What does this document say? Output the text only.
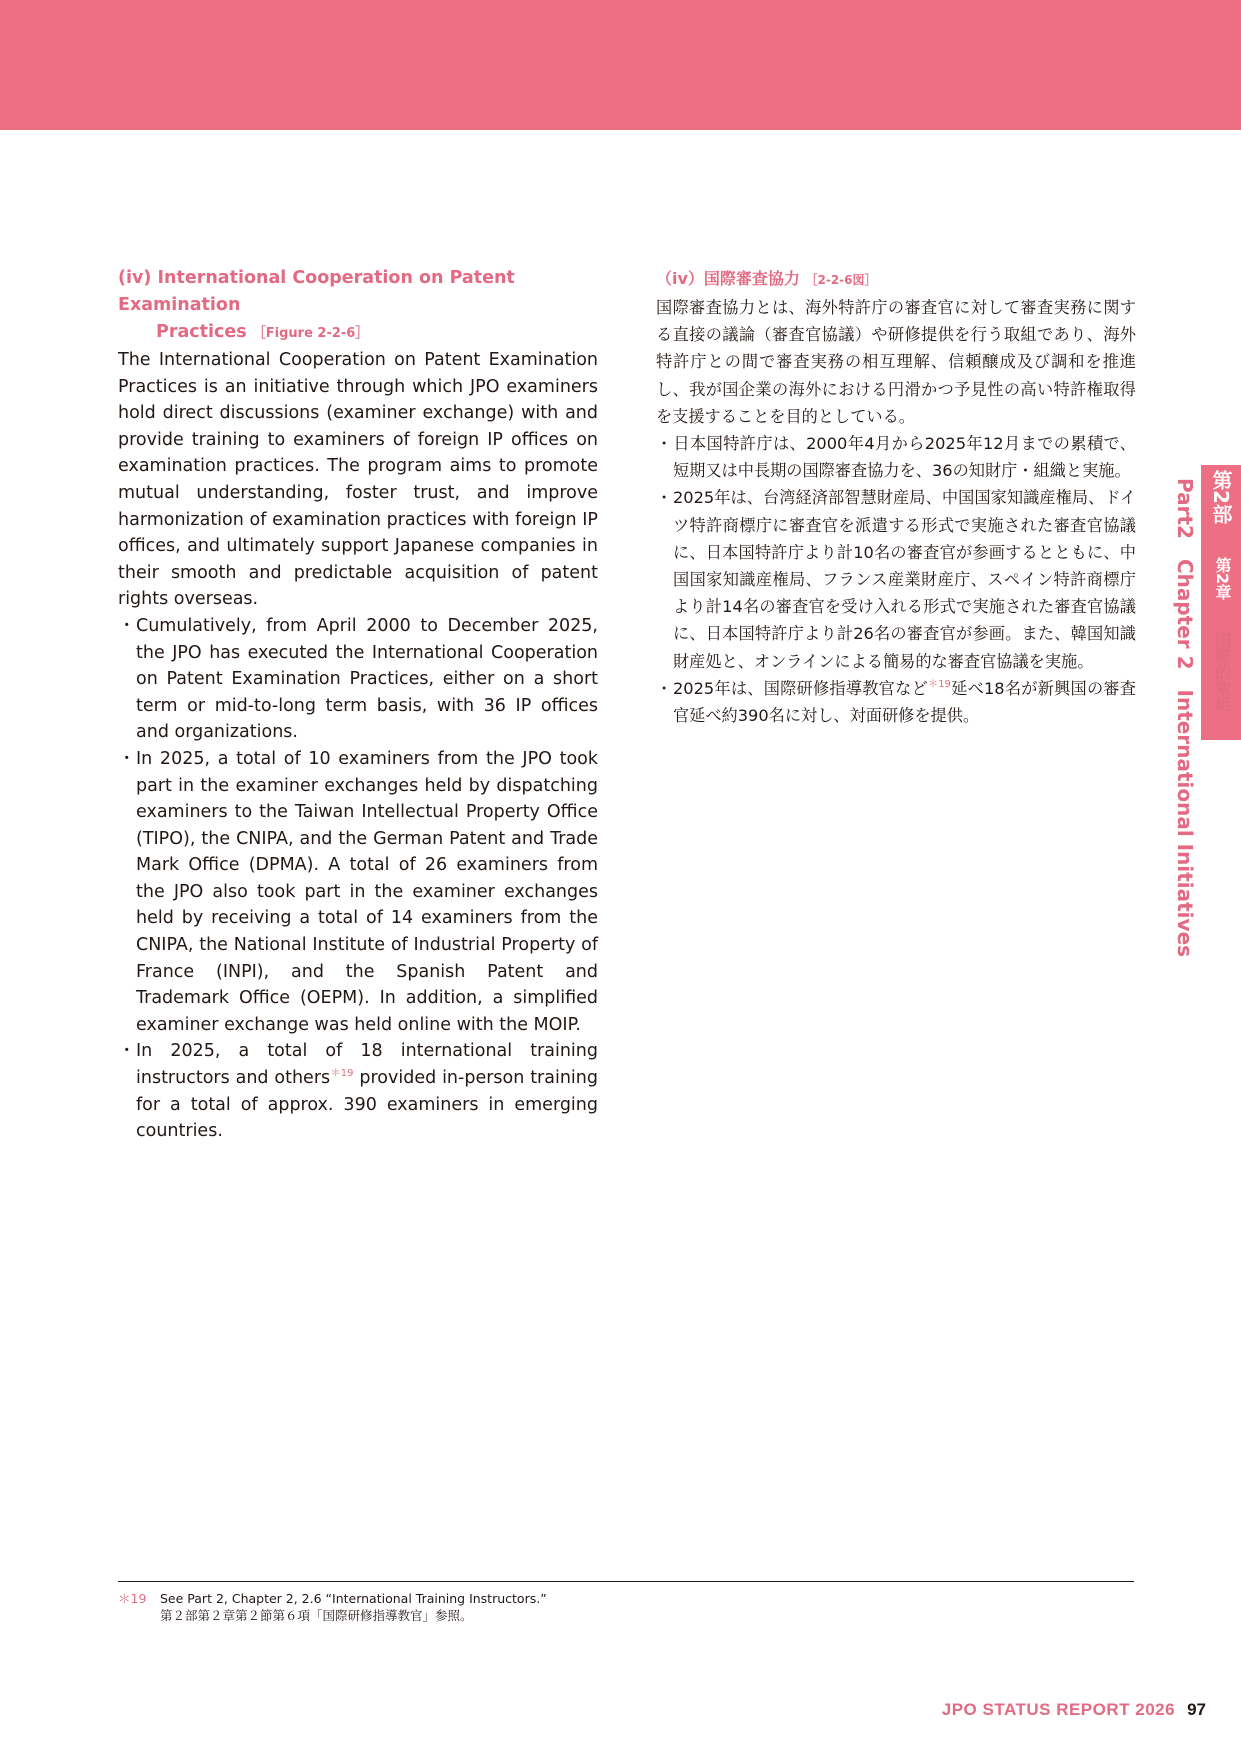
(iv) International Cooperation on Patent Examination
Practices ［Figure 2-2-6］

The International Cooperation on Patent Examination Practices is an initiative through which JPO examiners hold direct discussions (examiner exchange) with and provide training to examiners of foreign IP offices on examination practices. The program aims to promote mutual understanding, foster trust, and improve harmonization of examination practices with foreign IP offices, and ultimately support Japanese companies in their smooth and predictable acquisition of patent rights overseas.

・Cumulatively, from April 2000 to December 2025, the JPO has executed the International Cooperation on Patent Examination Practices, either on a short term or mid-to-long term basis, with 36 IP offices and organizations.

・In 2025, a total of 10 examiners from the JPO took part in the examiner exchanges held by dispatching examiners to the Taiwan Intellectual Property Office (TIPO), the CNIPA, and the German Patent and Trade Mark Office (DPMA). A total of 26 examiners from the JPO also took part in the examiner exchanges held by receiving a total of 14 examiners from the CNIPA, the National Institute of Industrial Property of France (INPI), and the Spanish Patent and Trademark Office (OEPM). In addition, a simplified examiner exchange was held online with the MOIP.

・In 2025, a total of 18 international training instructors and others$^{*19}$ provided in-person training for a total of approx. 390 examiners in emerging countries.

（iv）国際審査協力 ［2-2-6図］

国際審査協力とは、海外特許庁の審査官に対して審査実務に関する直接の議論（審査官協議）や研修提供を行う取組であり、海外特許庁との間で審査実務の相互理解、信頼醸成及び調和を推進し、我が国企業の海外における円滑かつ予見性の高い特許権取得を支援することを目的としている。

・日本国特許庁は、2000年4月から2025年12月までの累積で、短期又は中長期の国際審査協力を、36の知財庁・組織と実施。

・2025年は、台湾経済部智慧財産局、中国国家知識産権局、ドイツ特許商標庁に審査官を派遣する形式で実施された審査官協議に、日本国特許庁より計10名の審査官が参画するとともに、中国国家知識産権局、フランス産業財産庁、スペイン特許商標庁より計14名の審査官を受け入れる形式で実施された審査官協議に、日本国特許庁より計26名の審査官が参画。また、韓国知識財産処と、オンラインによる簡易的な審査官協議を実施。

・2025年は、国際研修指導教官など$^{*19}$延べ18名が新興国の審査官延べ約390名に対し、対面研修を提供。

第2部
第2章
国際的取組
Part2　Chapter 2　International Initiatives
＊19 See Part 2, Chapter 2, 2.6 “International Training Instructors.”
第２部第２章第２節第６項「国際研修指導教官」参照。
JPO STATUS REPORT 2026 97
